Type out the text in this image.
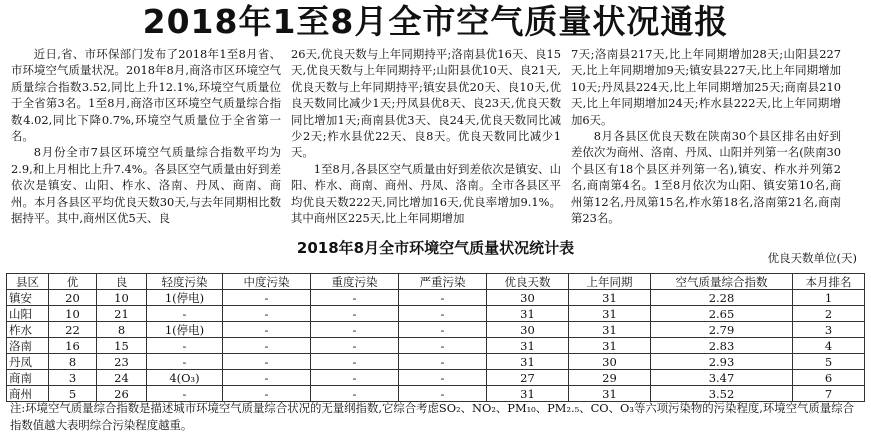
2018年1至8月全市空气质量状况通报

近日,省、市环保部门发布了2018年1至8月省、市环境空气质量状况。2018年8月,商洛市区环境空气质量综合指数3.52,同比上升12.1%,环境空气质量位于全省第3名。1至8月,商洛市区环境空气质量综合指数4.02,同比下降0.7%,环境空气质量位于全省第一名。

8月份全市7县区环境空气质量综合指数平均为2.9,和上月相比上升7.4%。各县区空气质量由好到差依次是镇安、山阳、柞水、洛南、丹凤、商南、商州。本月各县区平均优良天数30天,与去年同期相比数据持平。其中,商州区优5天、良

26天,优良天数与上年同期持平;洛南县优16天、良15天,优良天数与上年同期持平;山阳县优10天、良21天,优良天数与上年同期持平;镇安县优20天、良10天,优良天数同比减少1天;丹凤县优8天、良23天,优良天数同比增加1天;商南县优3天、良24天,优良天数同比减少2天;柞水县优22天、良8天。优良天数同比减少1天。

1至8月,各县区空气质量由好到差依次是镇安、山阳、柞水、商南、商州、丹凤、洛南。全市各县区平均优良天数222天,同比增加16天,优良率增加9.1%。其中商州区225天,比上年同期增加

7天;洛南县217天,比上年同期增加28天;山阳县227天,比上年同期增加9天;镇安县227天,比上年同期增加10天;丹凤县224天,比上年同期增加25天;商南县210天,比上年同期增加24天;柞水县222天,比上年同期增加6天。

8月各县区优良天数在陕南30个县区排名由好到差依次为商州、洛南、丹凤、山阳并列第一名(陕南30个县区有18个县区并列第一名),镇安、柞水并列第2名,商南第4名。1至8月依次为山阳、镇安第10名,商州第12名,丹凤第15名,柞水第18名,洛南第21名,商南第23名。

2018年8月全市环境空气质量状况统计表
优良天数单位(天)
县区	优	良	轻度污染	中度污染	重度污染	严重污染	优良天数	上年同期	空气质量综合指数	本月排名
镇安	20	10	1(停电)	-	-	-	30	31	2.28	1
山阳	10	21	-	-	-	-	31	31	2.65	2
柞水	22	8	1(停电)	-	-	-	30	31	2.79	3
洛南	16	15	-	-	-	-	31	31	2.83	4
丹凤	8	23	-	-	-	-	31	30	2.93	5
商南	3	24	4(O₃)	-	-	-	27	29	3.47	6
商州	5	26	-	-	-	-	31	31	3.52	7
注:环境空气质量综合指数是描述城市环境空气质量综合状况的无量纲指数,它综合考虑SO₂、NO₂、PM₁₀、PM₂.₅、CO、O₃等六项污染物的污染程度,环境空气质量综合指数值越大表明综合污染程度越重。
